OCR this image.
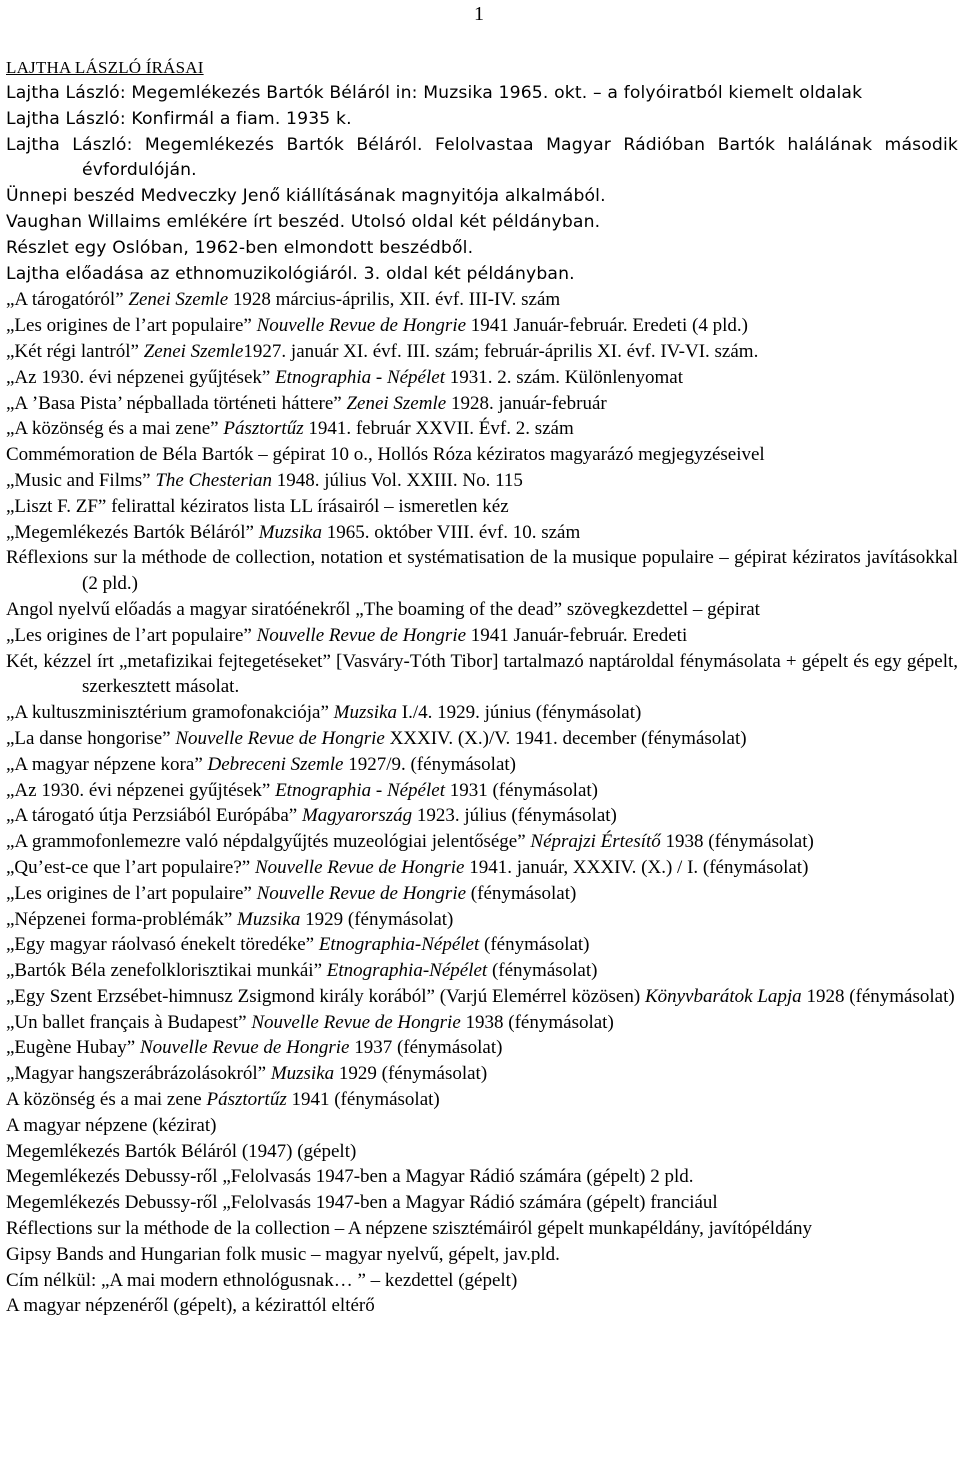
1
LAJTHA LÁSZLÓ ÍRÁSAI
Lajtha László: Megemlékezés Bartók Béláról in: Muzsika 1965. okt. – a folyóiratból kiemelt oldalak
Lajtha László: Konfirmál a fiam. 1935 k.
Lajtha László: Megemlékezés Bartók Béláról. Felolvastaa Magyar Rádióban Bartók halálának második évfordulóján.
Ünnepi beszéd Medveczky Jenő kiállításának magnyitója alkalmából.
Vaughan Willaims emlékére írt beszéd. Utolsó oldal két példányban.
Részlet egy Oslóban, 1962-ben elmondott beszédből.
Lajtha előadása az ethnomuzikológiáról. 3. oldal két példányban.
„A tárogatóról” Zenei Szemle 1928 március-április, XII. évf. III-IV. szám
„Les origines de l’art populaire” Nouvelle Revue de Hongrie 1941 Január-február. Eredeti (4 pld.)
„Két régi lantról” Zenei Szemle1927. január XI. évf. III. szám; február-április XI. évf. IV-VI. szám.
„Az 1930. évi népzenei gyűjtések” Etnographia - Népélet 1931. 2. szám. Különlenyomat
„A ’Basa Pista’ népballada történeti háttere” Zenei Szemle 1928. január-február
„A közönség és a mai zene” Pásztortűz 1941. február XXVII. Évf. 2. szám
Commémoration de Béla Bartók – gépirat 10 o., Hollós Róza kéziratos magyarázó megjegyzéseivel
„Music and Films” The Chesterian 1948. július Vol. XXIII. No. 115
„Liszt F. ZF” felirattal kéziratos lista LL írásairól – ismeretlen kéz
„Megemlékezés Bartók Béláról” Muzsika 1965. október VIII. évf. 10. szám
Réflexions sur la méthode de collection, notation et systématisation de la musique populaire – gépirat kéziratos javításokkal (2 pld.)
Angol nyelvű előadás a magyar siratóénekről „The boaming of the dead” szövegkezdettel – gépirat
„Les origines de l’art populaire” Nouvelle Revue de Hongrie 1941 Január-február. Eredeti
Két, kézzel írt „metafizikai fejtegetéseket” [Vasváry-Tóth Tibor] tartalmazó naptároldal fénymásolata + gépelt és egy gépelt, szerkesztett másolat.
„A kultuszminisztérium gramofonakciója” Muzsika I./4. 1929. június (fénymásolat)
„La danse hongorise” Nouvelle Revue de Hongrie XXXIV. (X.)/V. 1941. december (fénymásolat)
„A magyar népzene kora” Debreceni Szemle 1927/9. (fénymásolat)
„Az 1930. évi népzenei gyűjtések” Etnographia - Népélet 1931 (fénymásolat)
„A tárogató útja Perzsiából Európába” Magyarország 1923. július (fénymásolat)
„A grammofonlemezre való népdalgyűjtés muzeológiai jelentősége” Néprajzi Értesítő 1938 (fénymásolat)
„Qu’est-ce que l’art populaire?” Nouvelle Revue de Hongrie 1941. január, XXXIV. (X.) / I. (fénymásolat)
„Les origines de l’art populaire” Nouvelle Revue de Hongrie (fénymásolat)
„Népzenei forma-problémák” Muzsika 1929 (fénymásolat)
„Egy magyar ráolvasó énekelt töredéke” Etnographia-Népélet (fénymásolat)
„Bartók Béla zenefolklorisztikai munkái” Etnographia-Népélet (fénymásolat)
„Egy Szent Erzsébet-himnusz Zsigmond király korából” (Varjú Elemérrel közösen) Könyvbarátok Lapja 1928 (fénymásolat)
„Un ballet français à Budapest” Nouvelle Revue de Hongrie 1938 (fénymásolat)
„Eugène Hubay” Nouvelle Revue de Hongrie 1937 (fénymásolat)
„Magyar hangszerábrázolásokról” Muzsika 1929 (fénymásolat)
A közönség és a mai zene Pásztortűz 1941 (fénymásolat)
A magyar népzene (kézirat)
Megemlékezés Bartók Béláról (1947) (gépelt)
Megemlékezés Debussy-ről „Felolvasás 1947-ben a Magyar Rádió számára (gépelt) 2 pld.
Megemlékezés Debussy-ről „Felolvasás 1947-ben a Magyar Rádió számára (gépelt) franciául
Réflections sur la méthode de la collection – A népzene szisztémáiról gépelt munkapéldány, javítópéldány
Gipsy Bands and Hungarian folk music – magyar nyelvű, gépelt, jav.pld.
Cím nélkül: „A mai modern ethnológusnak… ” – kezdettel (gépelt)
A magyar népzenéről (gépelt), a kézirattól eltérő
